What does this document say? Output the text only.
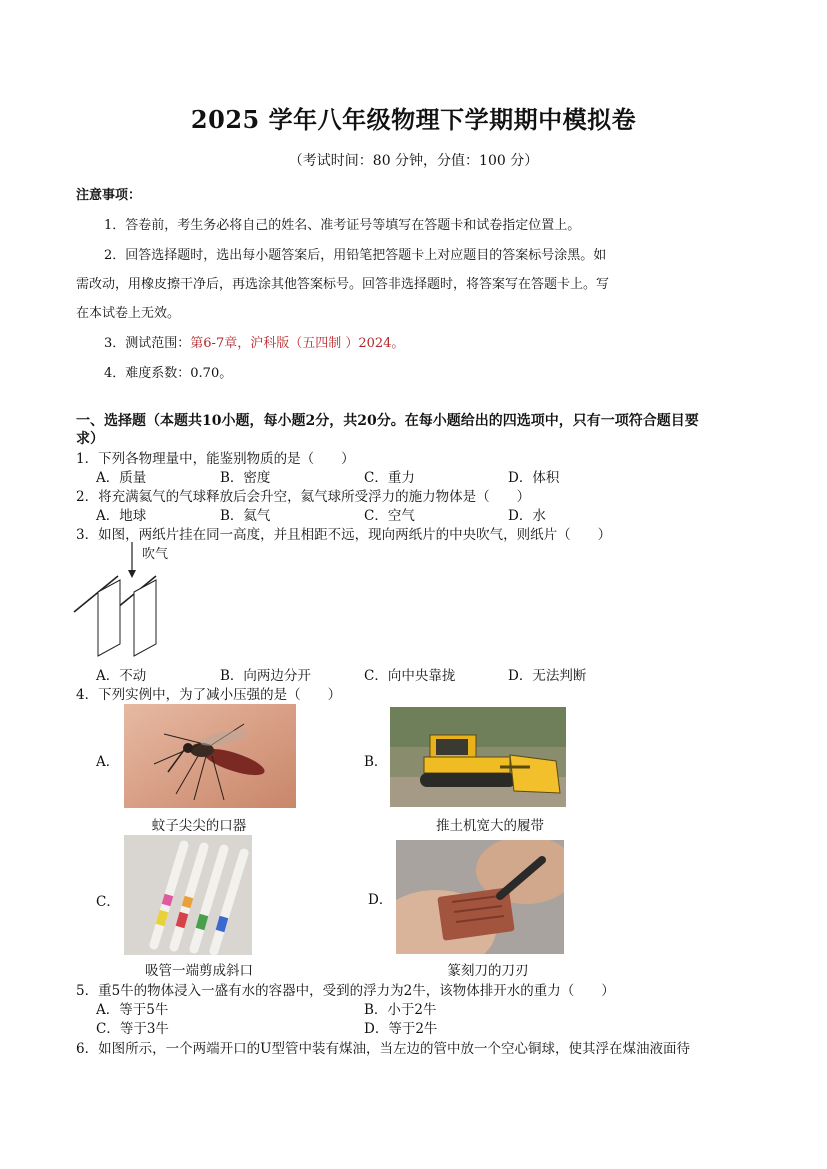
2025 学年八年级物理下学期期中模拟卷
（考试时间：80 分钟，分值：100 分）
注意事项：
1．答卷前，考生务必将自己的姓名、准考证号等填写在答题卡和试卷指定位置上。
2．回答选择题时，选出每小题答案后，用铅笔把答题卡上对应题目的答案标号涂黑。如
需改动，用橡皮擦干净后，再选涂其他答案标号。回答非选择题时，将答案写在答题卡上。写
在本试卷上无效。
3．测试范围：第6-7章，沪科版（五四制 ）2024。
4．难度系数：0.70。
一、选择题（本题共10小题，每小题2分，共20分。在每小题给出的四选项中，只有一项符合题目要
求）
1．下列各物理量中，能鉴别物质的是（　　）
A．质量	B．密度	C．重力	D．体积
2．将充满氦气的气球释放后会升空，氦气球所受浮力的施力物体是（　　）
A．地球	B．氦气	C．空气	D．水
3．如图，两纸片挂在同一高度，并且相距不远，现向两纸片的中央吹气，则纸片（　　）
吹气
A．不动	B．向两边分开	C．向中央靠拢	D．无法判断
4．下列实例中，为了减小压强的是（　　）
A．
蚊子尖尖的口器
B．
推土机宽大的履带
C．
吸管一端剪成斜口
D．
篆刻刀的刀刃
5．重5牛的物体浸入一盛有水的容器中，受到的浮力为2牛，该物体排开水的重力（　　）
A．等于5牛	B．小于2牛
C．等于3牛	D．等于2牛
6．如图所示，一个两端开口的U型管中装有煤油，当左边的管中放一个空心铜球，使其浮在煤油液面待
